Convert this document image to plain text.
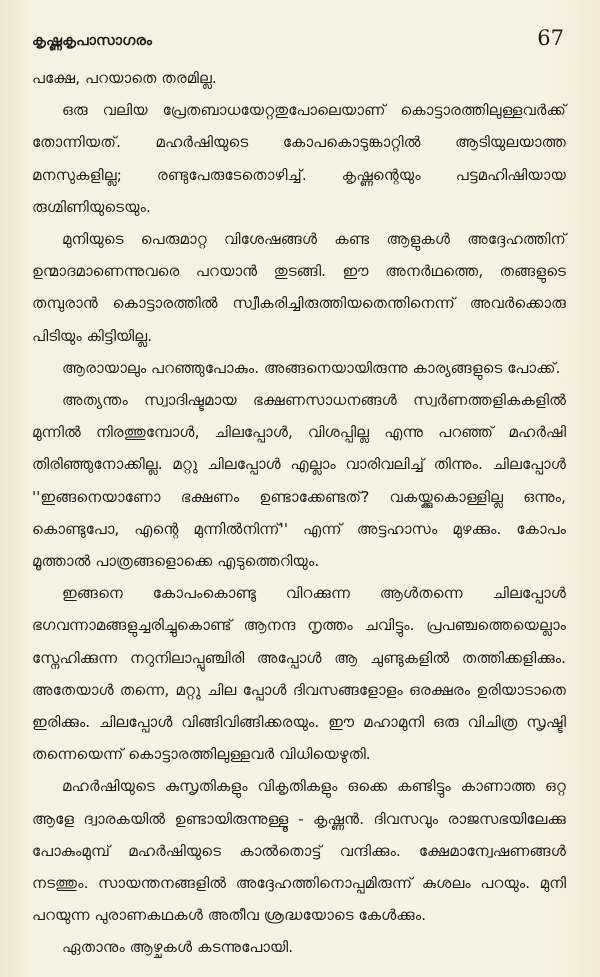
കൃഷ്ണകൃപാസാഗരം	67

പക്ഷേ, പറയാതെ തരമില്ല.

ഒരു വലിയ പ്രേതബാധയേറ്റതുപോലെയാണ് കൊട്ടാരത്തിലുള്ളവർക്ക് തോന്നിയത്. മഹർഷിയുടെ കോപകൊടുങ്കാറ്റിൽ ആടിയുലയാത്ത മനസുകളില്ല; രണ്ടുപേരുടേതൊഴിച്ച്. കൃഷ്ണന്റെയും പട്ടമഹിഷിയായ രുഗ്മിണിയുടെയും.

മുനിയുടെ പെരുമാറ്റ വിശേഷങ്ങൾ കണ്ട ആളുകൾ അദ്ദേഹത്തിന് ഉന്മാദമാണെന്നുവരെ പറയാൻ തുടങ്ങി. ഈ അനർഥത്തെ, തങ്ങളുടെ തമ്പുരാൻ കൊട്ടാരത്തിൽ സ്വീകരിച്ചിരുത്തിയതെന്തിനെന്ന് അവർക്കൊരു പിടിയും കിട്ടിയില്ല.

ആരായാലും പറഞ്ഞുപോകും. അങ്ങനെയായിരുന്നു കാര്യങ്ങളുടെ പോക്ക്.

അത്യന്തം സ്വാദിഷ്ടമായ ഭക്ഷണസാധനങ്ങൾ സ്വർണത്തളികകളിൽ മുന്നിൽ നിരത്തുമ്പോൾ, ചിലപ്പോൾ, വിശപ്പില്ല എന്നു പറഞ്ഞ് മഹർഷി തിരിഞ്ഞുനോക്കില്ല. മറ്റു ചിലപ്പോൾ എല്ലാം വാരിവലിച്ച് തിന്നും. ചിലപ്പോൾ ''ഇങ്ങനെയാണോ ഭക്ഷണം ഉണ്ടാക്കേണ്ടത്? വകയ്ക്കുകൊള്ളില്ല ഒന്നും, കൊണ്ടുപോ, എന്റെ മുന്നിൽനിന്ന്'' എന്ന് അട്ടഹാസം മുഴക്കും. കോപം മൂത്താൽ പാത്രങ്ങളൊക്കെ എടുത്തെറിയും.

ഇങ്ങനെ കോപംകൊണ്ടു വിറക്കുന്ന ആൾതന്നെ ചിലപ്പോൾ ഭഗവന്നാമങ്ങളുച്ചരിച്ചുകൊണ്ട് ആനന്ദ നൃത്തം ചവിട്ടും. പ്രപഞ്ചത്തെയെല്ലാം സ്നേഹിക്കുന്ന നറുനിലാപ്പുഞ്ചിരി അപ്പോൾ ആ ചുണ്ടുകളിൽ തത്തിക്കളിക്കും. അതേയാൾ തന്നെ, മറ്റു ചില പ്പോൾ ദിവസങ്ങളോളം ഒരക്ഷരം ഉരിയാടാതെ ഇരിക്കും. ചിലപ്പോൾ വിങ്ങിവിങ്ങിക്കരയും. ഈ മഹാമുനി ഒരു വിചിത്ര സൃഷ്ടി തന്നെയെന്ന് കൊട്ടാരത്തിലുള്ളവർ വിധിയെഴുതി.

മഹർഷിയുടെ കുസൃതികളും വികൃതികളും ഒക്കെ കണ്ടിട്ടും കാണാത്ത ഒറ്റ ആളേ ദ്വാരകയിൽ ഉണ്ടായിരുന്നുള്ളൂ - കൃഷ്ണൻ. ദിവസവും രാജസഭയിലേക്കു പോകുംമുമ്പ് മഹർഷിയുടെ കാൽതൊട്ട് വന്ദിക്കും. ക്ഷേമാന്വേഷണങ്ങൾ നടത്തും. സായന്തനങ്ങളിൽ അദ്ദേഹത്തിനൊപ്പമിരുന്ന് കുശലം പറയും. മുനി പറയുന്ന പുരാണകഥകൾ അതീവ ശ്രദ്ധയോടെ കേൾക്കും.

ഏതാനും ആഴ്ചകൾ കടന്നുപോയി.
